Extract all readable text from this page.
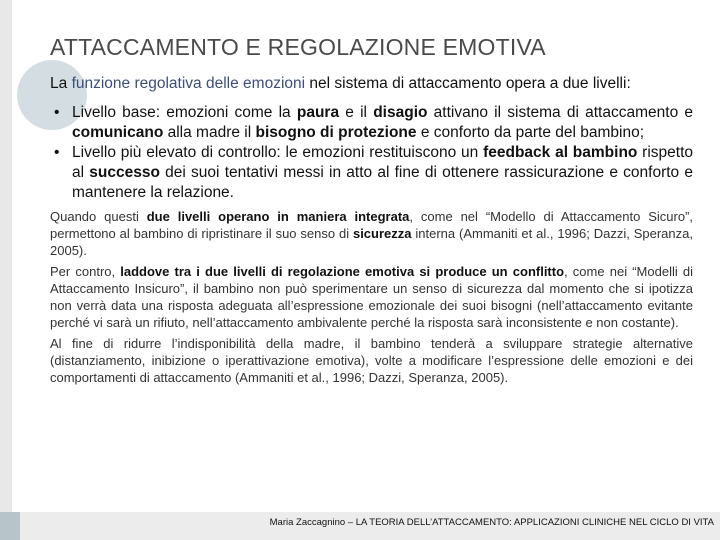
ATTACCAMENTO E REGOLAZIONE EMOTIVA

La funzione regolativa delle emozioni nel sistema di attaccamento opera a due livelli:

• Livello base: emozioni come la paura e il disagio attivano il sistema di attaccamento e comunicano alla madre il bisogno di protezione e conforto da parte del bambino;
• Livello più elevato di controllo: le emozioni restituiscono un feedback al bambino rispetto al successo dei suoi tentativi messi in atto al fine di ottenere rassicurazione e conforto e mantenere la relazione.

Quando questi due livelli operano in maniera integrata, come nel “Modello di Attaccamento Sicuro”, permettono al bambino di ripristinare il suo senso di sicurezza interna (Ammaniti et al., 1996; Dazzi, Speranza, 2005).

Per contro, laddove tra i due livelli di regolazione emotiva si produce un conflitto, come nei “Modelli di Attaccamento Insicuro”, il bambino non può sperimentare un senso di sicurezza dal momento che si ipotizza non verrà data una risposta adeguata all’espressione emozionale dei suoi bisogni (nell’attaccamento evitante perché vi sarà un rifiuto, nell’attaccamento ambivalente perché la risposta sarà inconsistente e non costante).

Al fine di ridurre l’indisponibilità della madre, il bambino tenderà a sviluppare strategie alternative (distanziamento, inibizione o iperattivazione emotiva), volte a modificare l’espressione delle emozioni e dei comportamenti di attaccamento (Ammaniti et al., 1996; Dazzi, Speranza, 2005).

Maria Zaccagnino – LA TEORIA DELL’ATTACCAMENTO: APPLICAZIONI CLINICHE NEL CICLO DI VITA
